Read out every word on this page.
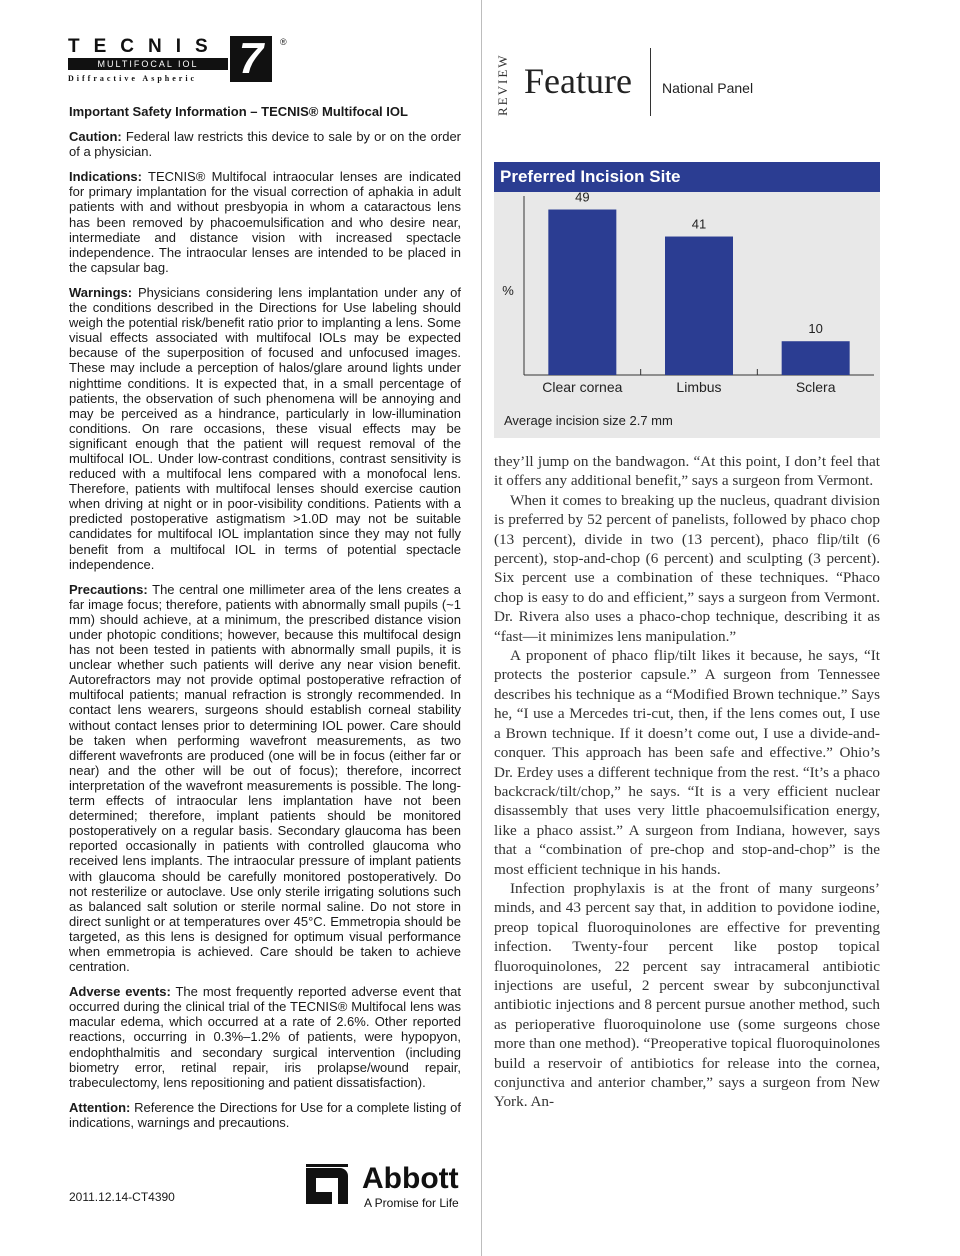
TECNIS	®
MULTIFOCAL IOL
Diffractive Aspheric 7
Important Safety Information – TECNIS® Multifocal IOL

Caution: Federal law restricts this device to sale by or on the order of a physician.

Indications: TECNIS® Multifocal intraocular lenses are indicated for primary implantation for the visual correction of aphakia in adult patients with and without presbyopia in whom a cataractous lens has been removed by phacoemulsification and who desire near, intermediate and distance vision with increased spectacle independence. The intraocular lenses are intended to be placed in the capsular bag.

Warnings: Physicians considering lens implantation under any of the conditions described in the Directions for Use labeling should weigh the potential risk/benefit ratio prior to implanting a lens. Some visual effects associated with multifocal IOLs may be expected because of the superposition of focused and unfocused images. These may include a perception of halos/glare around lights under nighttime conditions. It is expected that, in a small percentage of patients, the observation of such phenomena will be annoying and may be perceived as a hindrance, particularly in low-illumination conditions. On rare occasions, these visual effects may be significant enough that the patient will request removal of the multifocal IOL. Under low-contrast conditions, contrast sensitivity is reduced with a multifocal lens compared with a monofocal lens. Therefore, patients with multifocal lenses should exercise caution when driving at night or in poor-visibility conditions. Patients with a predicted postoperative astigmatism >1.0D may not be suitable candidates for multifocal IOL implantation since they may not fully benefit from a multifocal IOL in terms of potential spectacle independence.

Precautions: The central one millimeter area of the lens creates a far image focus; therefore, patients with abnormally small pupils (~1 mm) should achieve, at a minimum, the prescribed distance vision under photopic conditions; however, because this multifocal design has not been tested in patients with abnormally small pupils, it is unclear whether such patients will derive any near vision benefit. Autorefractors may not provide optimal postoperative refraction of multifocal patients; manual refraction is strongly recommended. In contact lens wearers, surgeons should establish corneal stability without contact lenses prior to determining IOL power. Care should be taken when performing wavefront measurements, as two different wavefronts are produced (one will be in focus (either far or near) and the other will be out of focus); therefore, incorrect interpretation of the wavefront measurements is possible. The long-term effects of intraocular lens implantation have not been determined; therefore, implant patients should be monitored postoperatively on a regular basis. Secondary glaucoma has been reported occasionally in patients with controlled glaucoma who received lens implants. The intraocular pressure of implant patients with glaucoma should be carefully monitored postoperatively. Do not resterilize or autoclave. Use only sterile irrigating solutions such as balanced salt solution or sterile normal saline. Do not store in direct sunlight or at temperatures over 45°C. Emmetropia should be targeted, as this lens is designed for optimum visual performance when emmetropia is achieved. Care should be taken to achieve centration.

Adverse events: The most frequently reported adverse event that occurred during the clinical trial of the TECNIS® Multifocal lens was macular edema, which occurred at a rate of 2.6%. Other reported reactions, occurring in 0.3%–1.2% of patients, were hypopyon, endophthalmitis and secondary surgical intervention (including biometry error, retinal repair, iris prolapse/wound repair, trabeculectomy, lens repositioning and patient dissatisfaction).

Attention: Reference the Directions for Use for a complete listing of indications, warnings and precautions.

2011.12.14-CT4390
Abbott
A Promise for Life
REVIEW Feature National Panel
Preferred Incision Site
%
49
Clear cornea
41
Limbus
10
Sclera
Average incision size 2.7 mm

they’ll jump on the bandwagon. “At this point, I don’t feel that it offers any additional benefit,” says a surgeon from Vermont.

When it comes to breaking up the nucleus, quadrant division is preferred by 52 percent of panelists, followed by phaco chop (13 percent), divide in two (13 percent), phaco flip/tilt (6 percent), stop-and-chop (6 percent) and sculpting (3 percent). Six percent use a combination of these techniques. “Phaco chop is easy to do and efficient,” says a surgeon from Vermont. Dr. Rivera also uses a phaco-chop technique, describing it as “fast—it minimizes lens manipulation.”

A proponent of phaco flip/tilt likes it because, he says, “It protects the posterior capsule.” A surgeon from Tennessee describes his technique as a “Modified Brown technique.” Says he, “I use a Mercedes tri-cut, then, if the lens comes out, I use a Brown technique. If it doesn’t come out, I use a divide-and-conquer. This approach has been safe and effective.” Ohio’s Dr. Erdey uses a different technique from the rest. “It’s a phaco backcrack/tilt/chop,” he says. “It is a very efficient nuclear disassembly that uses very little phacoemulsification energy, like a phaco assist.” A surgeon from Indiana, however, says that a “combination of pre-chop and stop-and-chop” is the most efficient technique in his hands.

Infection prophylaxis is at the front of many surgeons’ minds, and 43 percent say that, in addition to povidone iodine, preop topical fluoroquinolones are effective for preventing infection. Twenty-four percent like postop topical fluoroquinolones, 22 percent say intracameral antibiotic injections are useful, 2 percent swear by subconjunctival antibiotic injections and 8 percent pursue another method, such as perioperative fluoroquinolone use (some surgeons chose more than one method). “Preoperative topical fluoroquinolones build a reservoir of antibiotics for release into the cornea, conjunctiva and anterior chamber,” says a surgeon from New York. An-
